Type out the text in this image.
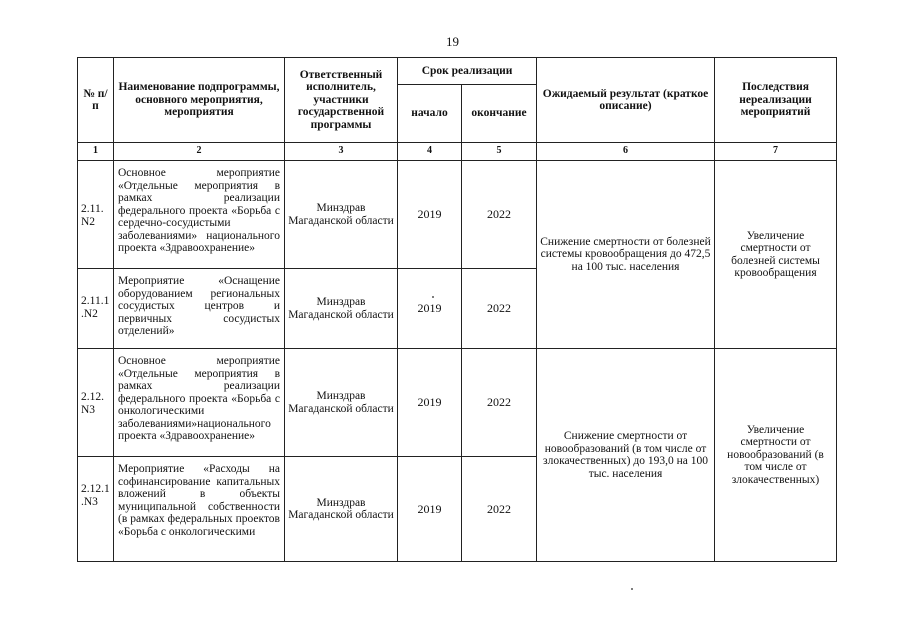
19
№ п/п	Наименование подпрограммы, основного мероприятия, мероприятия	Ответственный исполнитель, участники государственной программы	Срок реализации		Ожидаемый результат (краткое описание)	Последствия нереализации мероприятий
			начало	окончание		
1	2	3	4	5	6	7
2.11. N2	Основное мероприятие «Отдельные мероприятия в рамках реализации федерального проекта «Борьба с сердечно-сосудистыми заболеваниями» национального проекта «Здравоохранение»	Минздрав Магаданской области	2019	2022	Снижение смертности от болезней системы кровообращения до 472,5 на 100 тыс. населения	Увеличение смертности от болезней системы кровообращения
2.11.1 .N2	Мероприятие «Оснащение оборудованием региональных сосудистых центров и первичных сосудистых отделений»	Минздрав Магаданской области	2019	2022		
2.12. N3	Основное мероприятие «Отдельные мероприятия в рамках реализации федерального проекта «Борьба с онкологическими заболеваниями»национального проекта «Здравоохранение»	Минздрав Магаданской области	2019	2022	Снижение смертности от новообразований (в том числе от злокачественных) до 193,0 на 100 тыс. населения	Увеличение смертности от новообразований (в том числе от злокачественных)
2.12.1 .N3	Мероприятие «Расходы на софинансирование капитальных вложений в объекты муниципальной собственности (в рамках федеральных проектов «Борьба с онкологическими	Минздрав Магаданской области	2019	2022		
